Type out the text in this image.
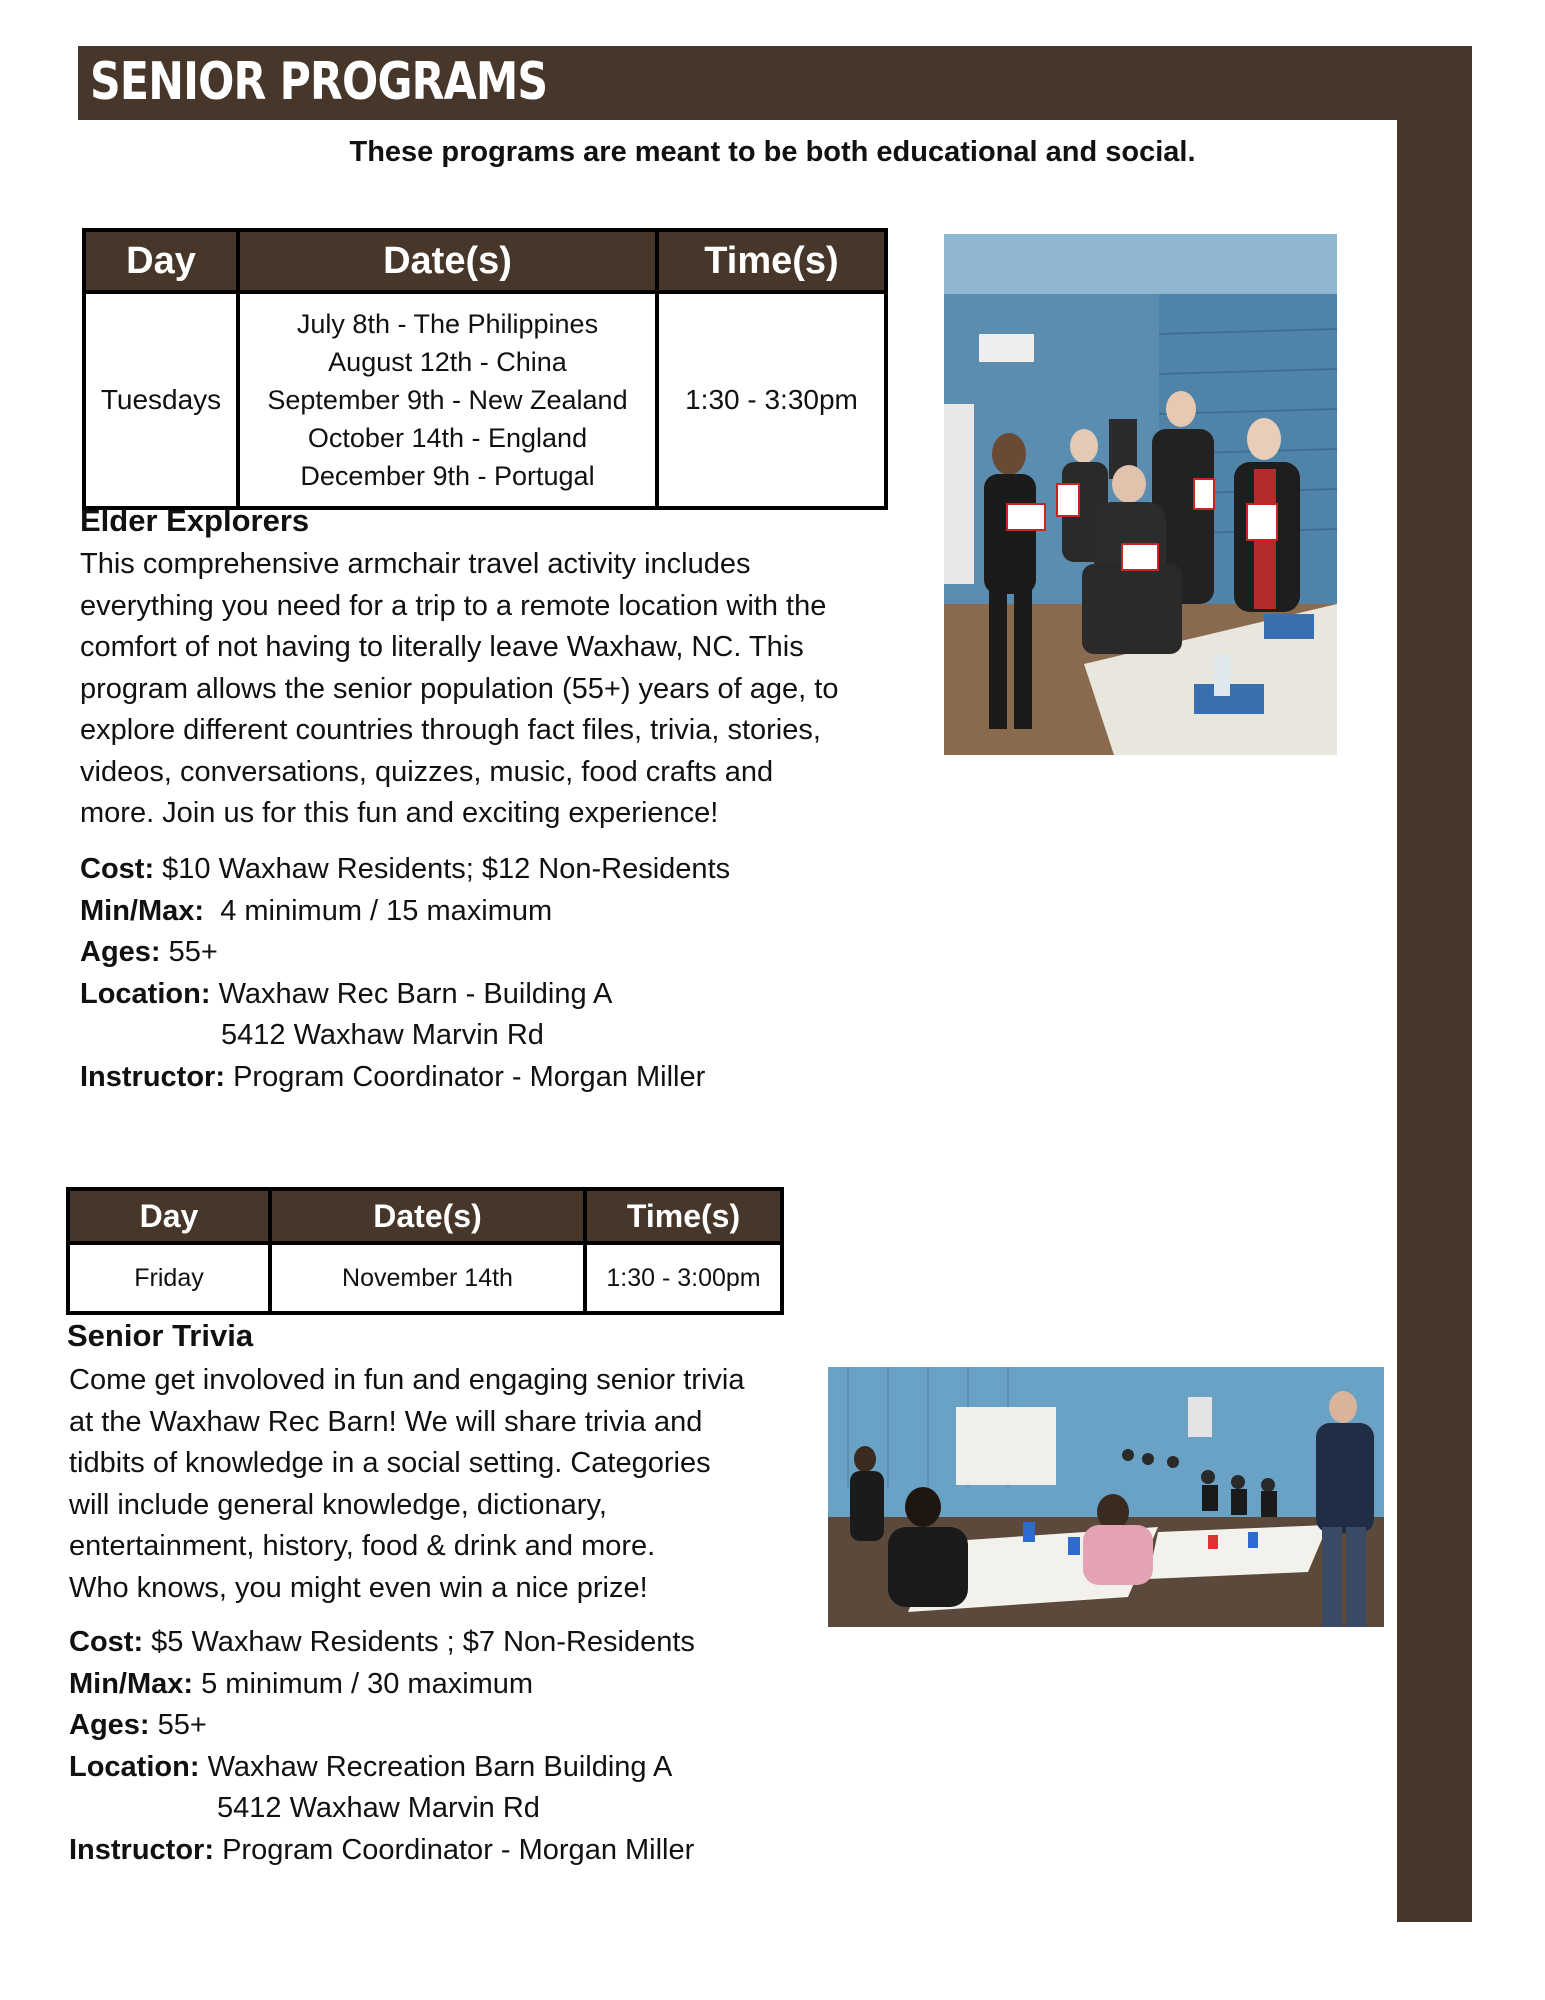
SENIOR PROGRAMS
These programs are meant to be both educational and social.
Day	Date(s)	Time(s)
Tuesdays	July 8th - The Philippines
August 12th - China
September 9th - New Zealand
October 14th - England
December 9th - Portugal	1:30 - 3:30pm
Elder Explorers
This comprehensive armchair travel activity includes
everything you need for a trip to a remote location with the
comfort of not having to literally leave Waxhaw, NC. This
program allows the senior population (55+) years of age, to
explore different countries through fact files, trivia, stories,
videos, conversations, quizzes, music, food crafts and
more. Join us for this fun and exciting experience!
Cost: $10 Waxhaw Residents; $12 Non-Residents
Min/Max: 4 minimum / 15 maximum
Ages: 55+
Location: Waxhaw Rec Barn - Building A
5412 Waxhaw Marvin Rd
Instructor: Program Coordinator - Morgan Miller
Day	Date(s)	Time(s)
Friday	November 14th	1:30 - 3:00pm
Senior Trivia
Come get involoved in fun and engaging senior trivia
at the Waxhaw Rec Barn! We will share trivia and
tidbits of knowledge in a social setting. Categories
will include general knowledge, dictionary,
entertainment, history, food & drink and more.
Who knows, you might even win a nice prize!
Cost: $5 Waxhaw Residents ; $7 Non-Residents
Min/Max: 5 minimum / 30 maximum
Ages: 55+
Location: Waxhaw Recreation Barn Building A
5412 Waxhaw Marvin Rd
Instructor: Program Coordinator - Morgan Miller
